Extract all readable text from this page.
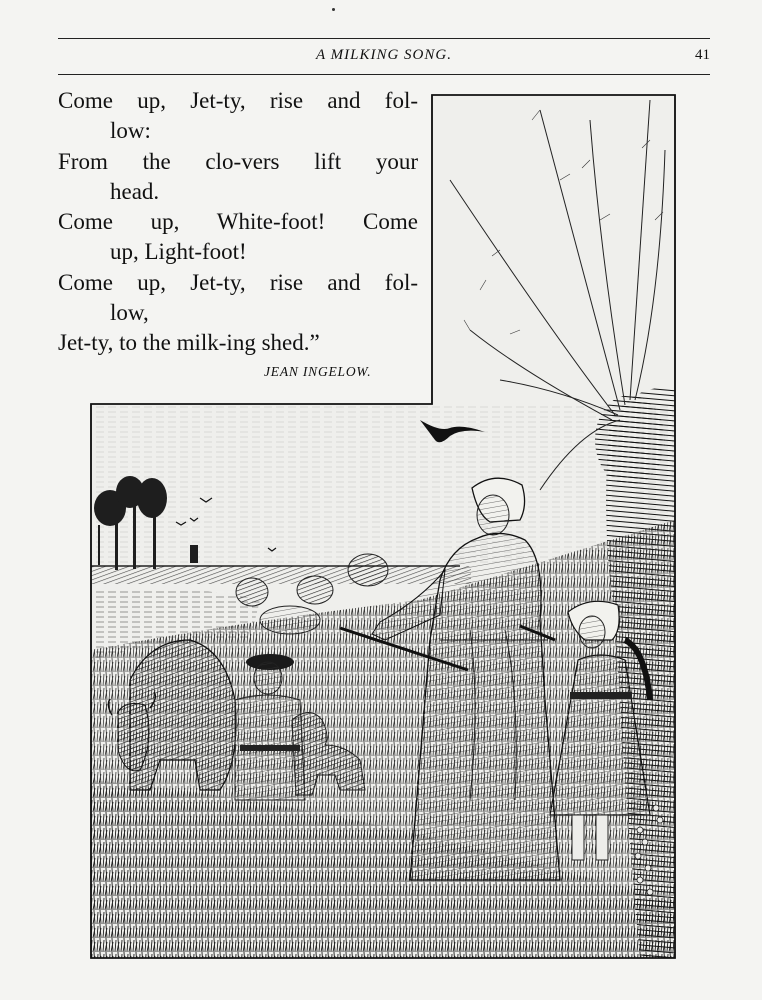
A MILKING SONG.	41
Come up, Jet-ty, rise and fol-
low:
From the clo-vers lift your
head.
Come up, White-foot! Come
up, Light-foot!
Come up, Jet-ty, rise and fol-
low,
Jet-ty, to the milk-ing shed.”
JEAN INGELOW.
